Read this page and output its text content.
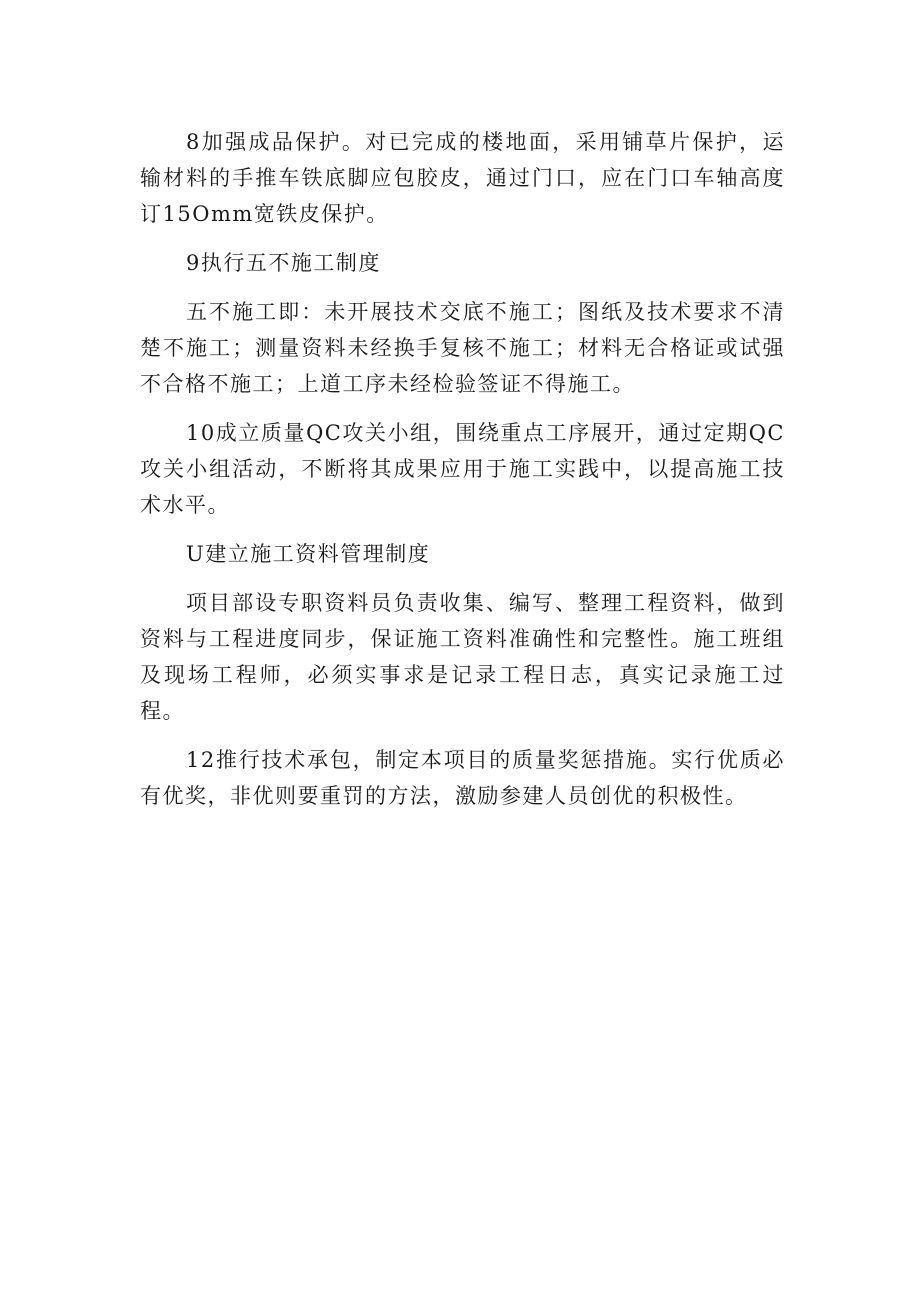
8加强成品保护。对已完成的楼地面，采用铺草片保护，运输材料的手推车铁底脚应包胶皮，通过门口，应在门口车轴高度订15Omm宽铁皮保护。

9执行五不施工制度

五不施工即：未开展技术交底不施工；图纸及技术要求不清楚不施工；测量资料未经换手复核不施工；材料无合格证或试强不合格不施工；上道工序未经检验签证不得施工。

10成立质量QC攻关小组，围绕重点工序展开，通过定期QC攻关小组活动，不断将其成果应用于施工实践中，以提高施工技术水平。

U建立施工资料管理制度

项目部设专职资料员负责收集、编写、整理工程资料，做到资料与工程进度同步，保证施工资料准确性和完整性。施工班组及现场工程师，必须实事求是记录工程日志，真实记录施工过程。

12推行技术承包，制定本项目的质量奖惩措施。实行优质必有优奖，非优则要重罚的方法，激励参建人员创优的积极性。
